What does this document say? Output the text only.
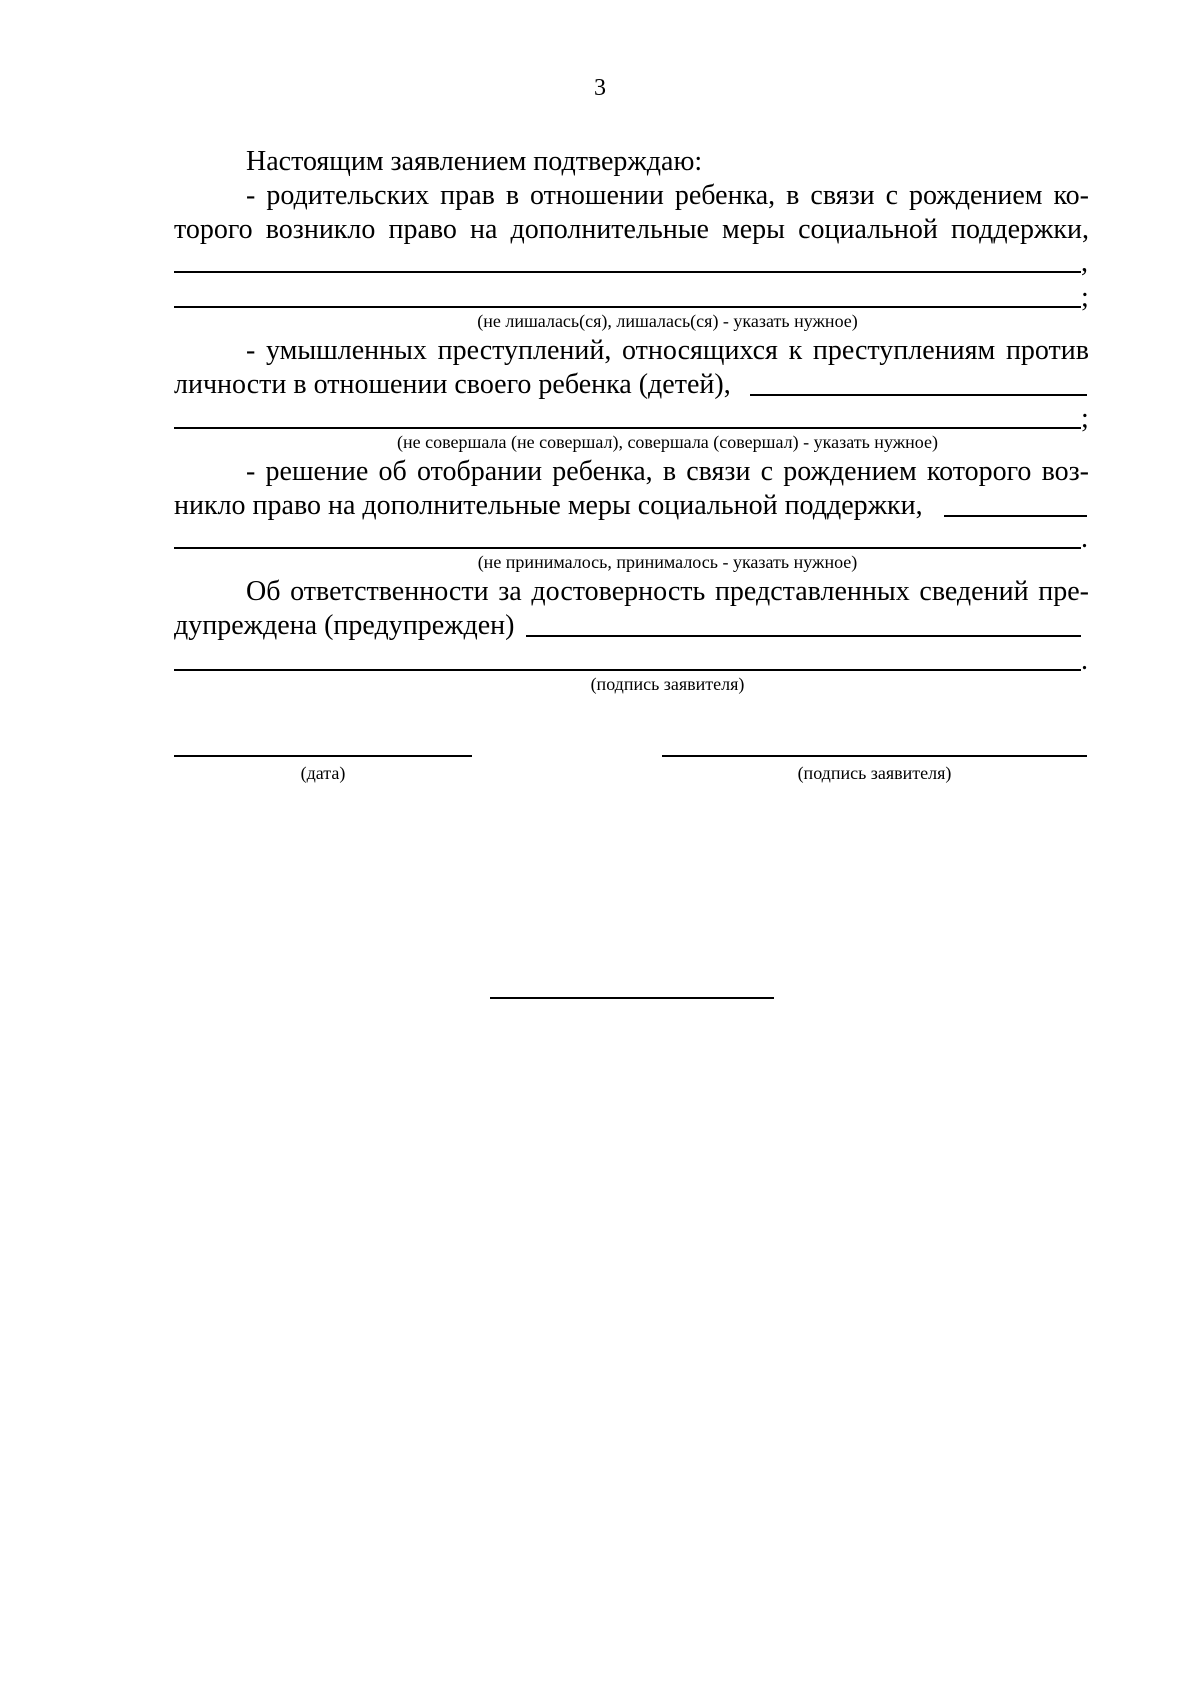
3
Настоящим заявлением подтверждаю:
- родительских прав в отношении ребенка, в связи с рождением ко-
торого возникло право на дополнительные меры социальной поддержки,
,
;
(не лишалась(ся), лишалась(ся) - указать нужное)
- умышленных преступлений, относящихся к преступлениям против
личности в отношении своего ребенка (детей),
;
(не совершала (не совершал), совершала (совершал) - указать нужное)
- решение об отобрании ребенка, в связи с рождением которого воз-
никло право на дополнительные меры социальной поддержки,
.
(не принималось, принималось - указать нужное)
Об ответственности за достоверность представленных сведений пре-
дупреждена (предупрежден)
.
(подпись заявителя)
(дата)	(подпись заявителя)
